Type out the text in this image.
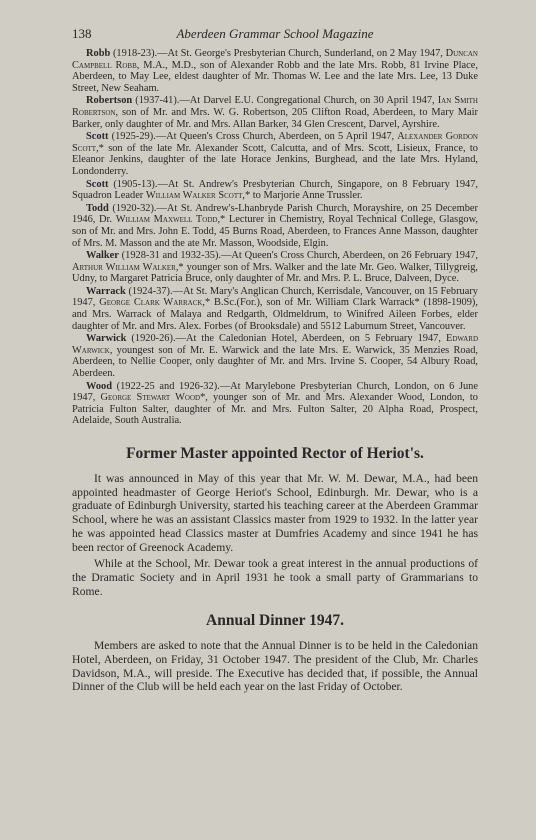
138	Aberdeen Grammar School Magazine

Robb (1918-23).—At St. George's Presbyterian Church, Sunderland, on 2 May 1947, Duncan Campbell Robb, M.A., M.D., son of Alexander Robb and the late Mrs. Robb, 81 Irvine Place, Aberdeen, to May Lee, eldest daughter of Mr. Thomas W. Lee and the late Mrs. Lee, 13 Duke Street, New Seaham.

Robertson (1937-41).—At Darvel E.U. Congregational Church, on 30 April 1947, Ian Smith Robertson, son of Mr. and Mrs. W. G. Robertson, 205 Clifton Road, Aberdeen, to Mary Mair Barker, only daughter of Mr. and Mrs. Allan Barker, 34 Glen Crescent, Darvel, Ayrshire.

Scott (1925-29).—At Queen's Cross Church, Aberdeen, on 5 April 1947, Alexander Gordon Scott,* son of the late Mr. Alexander Scott, Calcutta, and of Mrs. Scott, Lisieux, France, to Eleanor Jenkins, daughter of the late Horace Jenkins, Burghead, and the late Mrs. Hyland, Londonderry.

Scott (1905-13).—At St. Andrew's Presbyterian Church, Singapore, on 8 February 1947, Squadron Leader William Walker Scott,* to Marjorie Anne Trussler.

Todd (1920-32).—At St. Andrew's-Lhanbryde Parish Church, Morayshire, on 25 December 1946, Dr. William Maxwell Todd,* Lecturer in Chemistry, Royal Technical College, Glasgow, son of Mr. and Mrs. John E. Todd, 45 Burns Road, Aberdeen, to Frances Anne Masson, daughter of Mrs. M. Masson and the ate Mr. Masson, Woodside, Elgin.

Walker (1928-31 and 1932-35).—At Queen's Cross Church, Aberdeen, on 26 February 1947, Arthur William Walker,* younger son of Mrs. Walker and the late Mr. Geo. Walker, Tillygreig, Udny, to Margaret Patricia Bruce, only daughter of Mr. and Mrs. P. L. Bruce, Dalveen, Dyce.

Warrack (1924-37).—At St. Mary's Anglican Church, Kerrisdale, Vancouver, on 15 February 1947, George Clark Warrack,* B.Sc.(For.), son of Mr. William Clark Warrack* (1898-1909), and Mrs. Warrack of Malaya and Redgarth, Oldmeldrum, to Winifred Aileen Forbes, elder daughter of Mr. and Mrs. Alex. Forbes (of Brooksdale) and 5512 Laburnum Street, Vancouver.

Warwick (1920-26).—At the Caledonian Hotel, Aberdeen, on 5 February 1947, Edward Warwick, youngest son of Mr. E. Warwick and the late Mrs. E. Warwick, 35 Menzies Road, Aberdeen, to Nellie Cooper, only daughter of Mr. and Mrs. Irvine S. Cooper, 54 Albury Road, Aberdeen.

Wood (1922-25 and 1926-32).—At Marylebone Presbyterian Church, London, on 6 June 1947, George Stewart Wood*, younger son of Mr. and Mrs. Alexander Wood, London, to Patricia Fulton Salter, daughter of Mr. and Mrs. Fulton Salter, 20 Alpha Road, Prospect, Adelaide, South Australia.

Former Master appointed Rector of Heriot's.

It was announced in May of this year that Mr. W. M. Dewar, M.A., had been appointed headmaster of George Heriot's School, Edinburgh. Mr. Dewar, who is a graduate of Edinburgh University, started his teaching career at the Aberdeen Grammar School, where he was an assistant Classics master from 1929 to 1932. In the latter year he was appointed head Classics master at Dumfries Academy and since 1941 he has been rector of Greenock Academy.

While at the School, Mr. Dewar took a great interest in the annual productions of the Dramatic Society and in April 1931 he took a small party of Grammarians to Rome.

Annual Dinner 1947.

Members are asked to note that the Annual Dinner is to be held in the Caledonian Hotel, Aberdeen, on Friday, 31 October 1947. The president of the Club, Mr. Charles Davidson, M.A., will preside. The Executive has decided that, if possible, the Annual Dinner of the Club will be held each year on the last Friday of October.
